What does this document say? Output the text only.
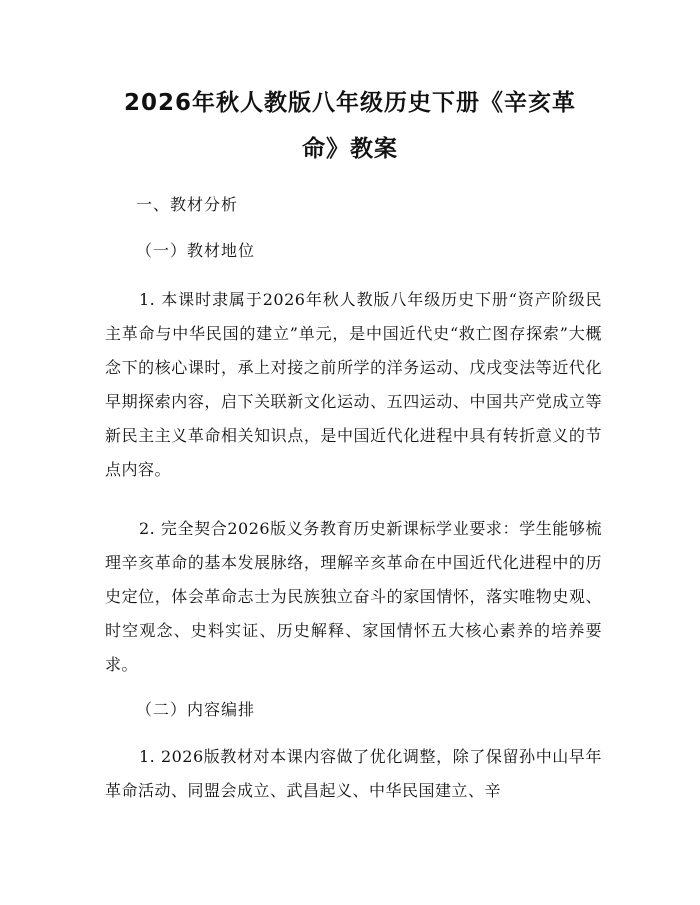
2026年秋人教版八年级历史下册《辛亥革
命》教案
一、教材分析
（一）教材地位
1. 本课时隶属于2026年秋人教版八年级历史下册“资产阶级民主革命与中华民国的建立”单元，是中国近代史“救亡图存探索”大概念下的核心课时，承上对接之前所学的洋务运动、戊戌变法等近代化早期探索内容，启下关联新文化运动、五四运动、中国共产党成立等新民主主义革命相关知识点，是中国近代化进程中具有转折意义的节点内容。
2. 完全契合2026版义务教育历史新课标学业要求：学生能够梳理辛亥革命的基本发展脉络，理解辛亥革命在中国近代化进程中的历史定位，体会革命志士为民族独立奋斗的家国情怀，落实唯物史观、时空观念、史料实证、历史解释、家国情怀五大核心素养的培养要求。
（二）内容编排
1. 2026版教材对本课内容做了优化调整，除了保留孙中山早年革命活动、同盟会成立、武昌起义、中华民国建立、辛
